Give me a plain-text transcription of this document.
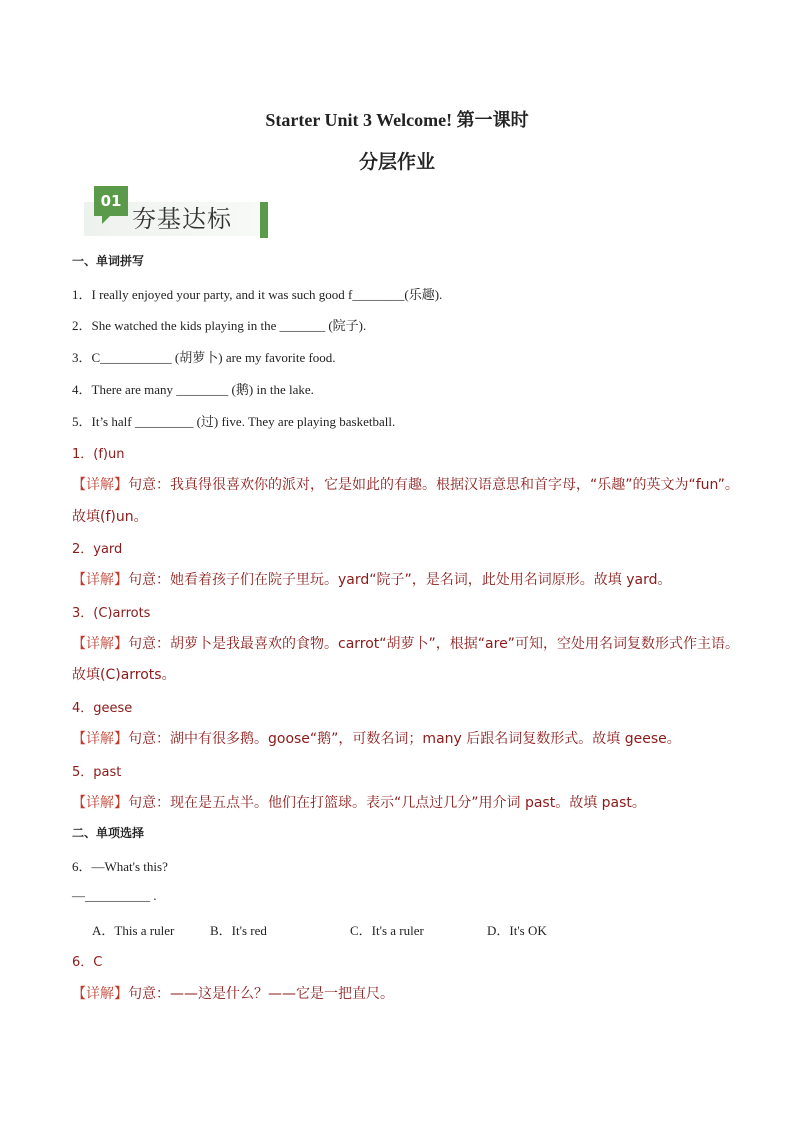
Starter Unit 3 Welcome! 第一课时
分层作业
01
夯基达标
一、单词拼写
1．I really enjoyed your party, and it was such good f________(乐趣).
2．She watched the kids playing in the _______ (院子).
3．C___________ (胡萝卜) are my favorite food.
4．There are many ________ (鹅) in the lake.
5．It’s half _________ (过) five. They are playing basketball.
1．(f)un
【详解】句意：我真得很喜欢你的派对，它是如此的有趣。根据汉语意思和首字母，“乐趣”的英文为“fun”。
故填(f)un。
2．yard
【详解】句意：她看着孩子们在院子里玩。yard“院子”，是名词，此处用名词原形。故填 yard。
3．(C)arrots
【详解】句意：胡萝卜是我最喜欢的食物。carrot“胡萝卜”，根据“are”可知，空处用名词复数形式作主语。
故填(C)arrots。
4．geese
【详解】句意：湖中有很多鹅。goose“鹅”，可数名词；many 后跟名词复数形式。故填 geese。
5．past
【详解】句意：现在是五点半。他们在打篮球。表示“几点过几分”用介词 past。故填 past。
二、单项选择
6．—What's this?
—__________ .
A．This a ruler	B．It's red	C．It's a ruler	D．It's OK
6．C
【详解】句意：——这是什么？——它是一把直尺。
